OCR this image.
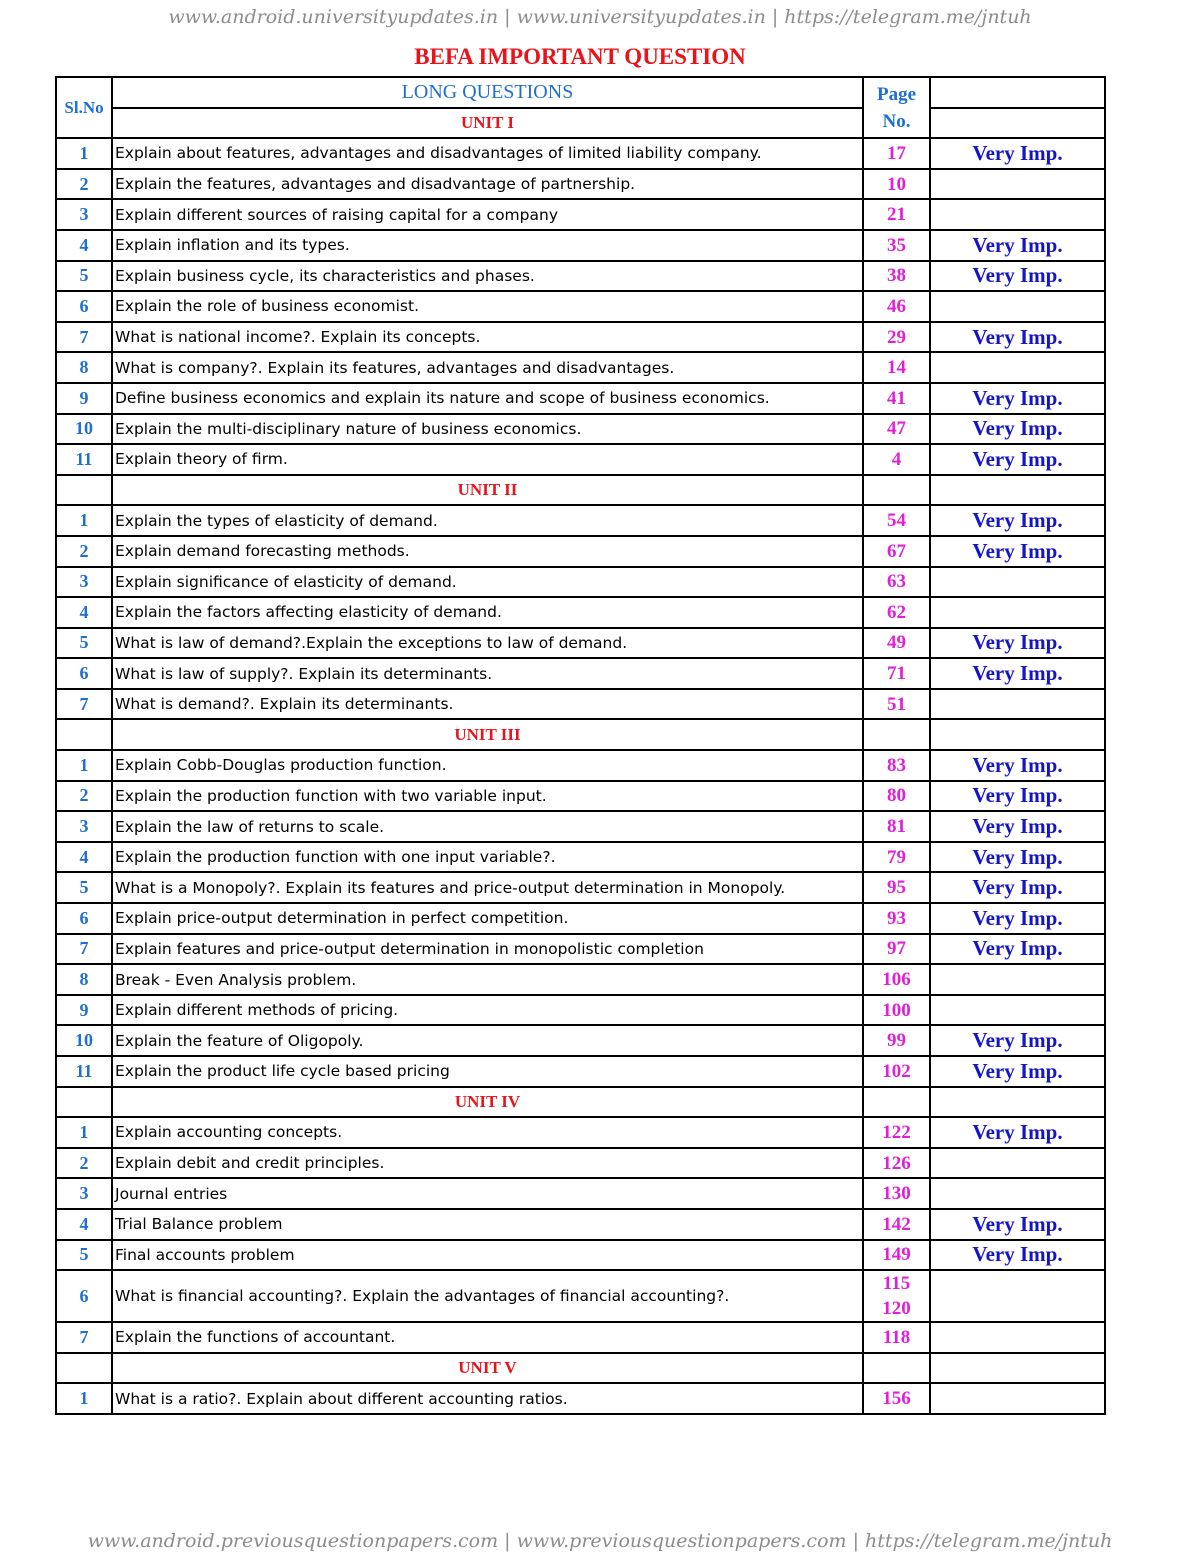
www.android.universityupdates.in | www.universityupdates.in | https://telegram.me/jntuh
BEFA IMPORTANT QUESTION
Sl.No	LONG QUESTIONS	Page
No.	
	UNIT I		
1	Explain about features, advantages and disadvantages of limited liability company.	17	Very Imp.
2	Explain the features, advantages and disadvantage of partnership.	10	
3	Explain different sources of raising capital for a company	21	
4	Explain inflation and its types.	35	Very Imp.
5	Explain business cycle, its characteristics and phases.	38	Very Imp.
6	Explain the role of business economist.	46	
7	What is national income?. Explain its concepts.	29	Very Imp.
8	What is company?. Explain its features, advantages and disadvantages.	14	
9	Define business economics and explain its nature and scope of business economics.	41	Very Imp.
10	Explain the multi-disciplinary nature of business economics.	47	Very Imp.
11	Explain theory of firm.	4	Very Imp.
	UNIT II		
1	Explain the types of elasticity of demand.	54	Very Imp.
2	Explain demand forecasting methods.	67	Very Imp.
3	Explain significance of elasticity of demand.	63	
4	Explain the factors affecting elasticity of demand.	62	
5	What is law of demand?.Explain the exceptions to law of demand.	49	Very Imp.
6	What is law of supply?. Explain its determinants.	71	Very Imp.
7	What is demand?. Explain its determinants.	51	
	UNIT III		
1	Explain Cobb-Douglas production function.	83	Very Imp.
2	Explain the production function with two variable input.	80	Very Imp.
3	Explain the law of returns to scale.	81	Very Imp.
4	Explain the production function with one input variable?.	79	Very Imp.
5	What is a Monopoly?. Explain its features and price-output determination in Monopoly.	95	Very Imp.
6	Explain price-output determination in perfect competition.	93	Very Imp.
7	Explain features and price-output determination in monopolistic completion	97	Very Imp.
8	Break - Even Analysis problem.	106	
9	Explain different methods of pricing.	100	
10	Explain the feature of Oligopoly.	99	Very Imp.
11	Explain the product life cycle based pricing	102	Very Imp.
	UNIT IV		
1	Explain accounting concepts.	122	Very Imp.
2	Explain debit and credit principles.	126	
3	Journal entries	130	
4	Trial Balance problem	142	Very Imp.
5	Final accounts problem	149	Very Imp.
6	What is financial accounting?. Explain the advantages of financial accounting?.	115
120	
7	Explain the functions of accountant.	118	
	UNIT V		
1	What is a ratio?. Explain about different accounting ratios.	156	
www.android.previousquestionpapers.com | www.previousquestionpapers.com | https://telegram.me/jntuh
